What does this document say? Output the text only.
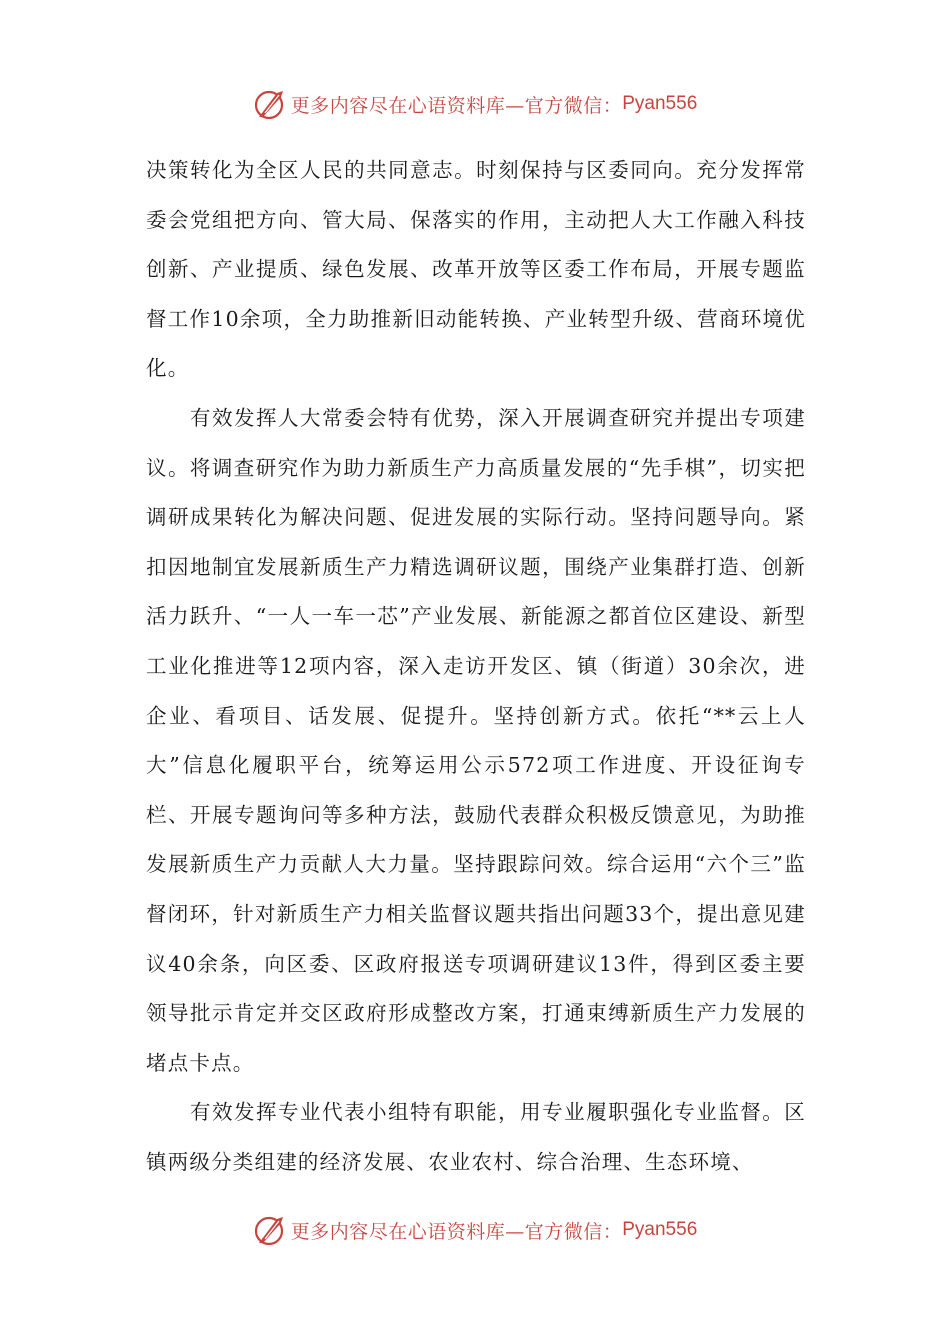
更多内容尽在心语资料库—官方微信： Pyan556

决策转化为全区人民的共同意志。时刻保持与区委同向。充分发挥常委会党组把方向、管大局、保落实的作用，主动把人大工作融入科技创新、产业提质、绿色发展、改革开放等区委工作布局，开展专题监督工作10余项，全力助推新旧动能转换、产业转型升级、营商环境优化。

有效发挥人大常委会特有优势，深入开展调查研究并提出专项建议。将调查研究作为助力新质生产力高质量发展的“先手棋”，切实把调研成果转化为解决问题、促进发展的实际行动。坚持问题导向。紧扣因地制宜发展新质生产力精选调研议题，围绕产业集群打造、创新活力跃升、“一人一车一芯”产业发展、新能源之都首位区建设、新型工业化推进等12项内容，深入走访开发区、镇（街道）30余次，进企业、看项目、话发展、促提升。坚持创新方式。依托“**云上人大”信息化履职平台，统筹运用公示572项工作进度、开设征询专栏、开展专题询问等多种方法，鼓励代表群众积极反馈意见，为助推发展新质生产力贡献人大力量。坚持跟踪问效。综合运用“六个三”监督闭环，针对新质生产力相关监督议题共指出问题33个，提出意见建议40余条，向区委、区政府报送专项调研建议13件，得到区委主要领导批示肯定并交区政府形成整改方案，打通束缚新质生产力发展的堵点卡点。

有效发挥专业代表小组特有职能，用专业履职强化专业监督。区镇两级分类组建的经济发展、农业农村、综合治理、生态环境、

更多内容尽在心语资料库—官方微信： Pyan556
